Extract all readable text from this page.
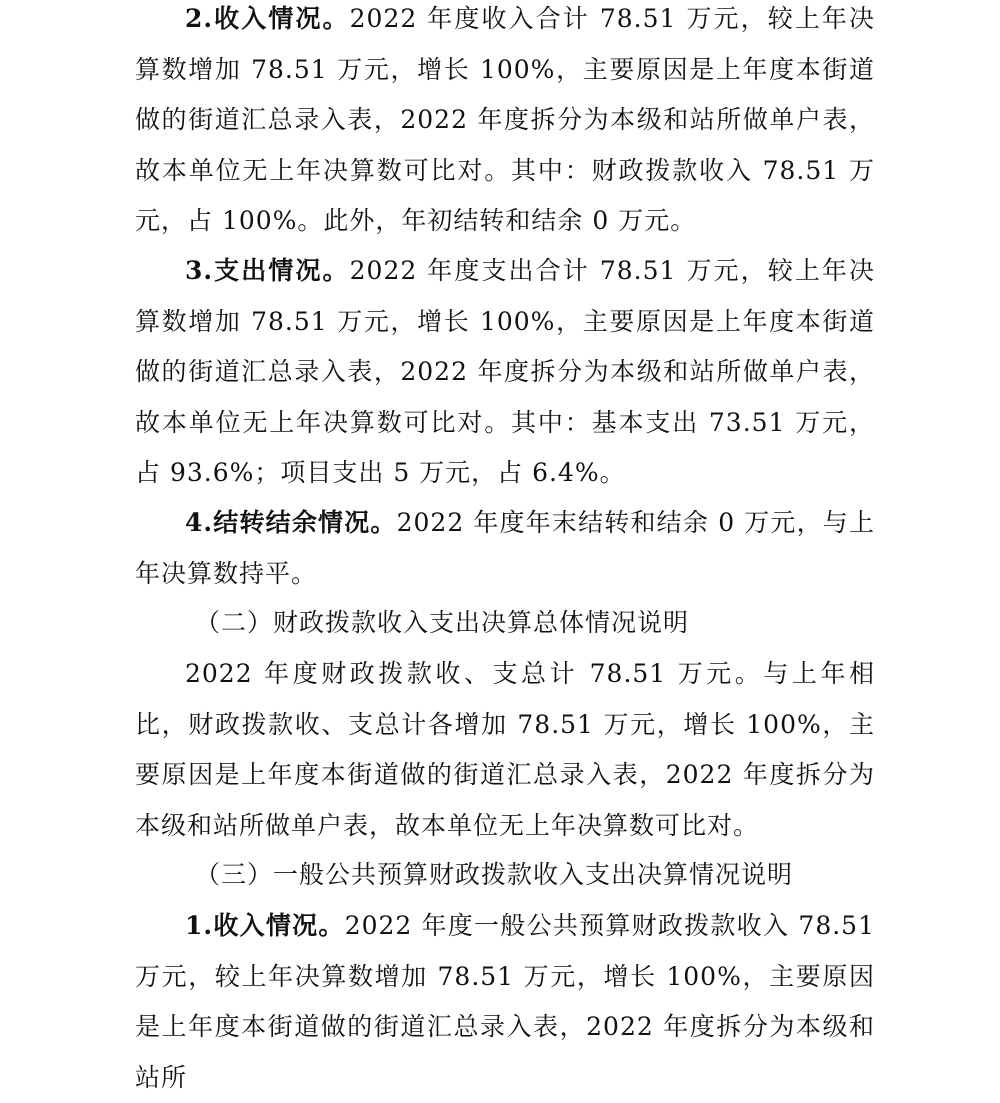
2.收入情况。2022 年度收入合计 78.51 万元，较上年决算数增加 78.51 万元，增长 100%，主要原因是上年度本街道做的街道汇总录入表，2022 年度拆分为本级和站所做单户表，故本单位无上年决算数可比对。其中：财政拨款收入 78.51 万元，占 100%。此外，年初结转和结余 0 万元。

3.支出情况。2022 年度支出合计 78.51 万元，较上年决算数增加 78.51 万元，增长 100%，主要原因是上年度本街道做的街道汇总录入表，2022 年度拆分为本级和站所做单户表，故本单位无上年决算数可比对。其中：基本支出 73.51 万元，占 93.6%；项目支出 5 万元，占 6.4%。

4.结转结余情况。2022 年度年末结转和结余 0 万元，与上年决算数持平。

（二）财政拨款收入支出决算总体情况说明

2022 年度财政拨款收、支总计 78.51 万元。与上年相比，财政拨款收、支总计各增加 78.51 万元，增长 100%，主要原因是上年度本街道做的街道汇总录入表，2022 年度拆分为本级和站所做单户表，故本单位无上年决算数可比对。

（三）一般公共预算财政拨款收入支出决算情况说明

1.收入情况。2022 年度一般公共预算财政拨款收入 78.51 万元，较上年决算数增加 78.51 万元，增长 100%，主要原因是上年度本街道做的街道汇总录入表，2022 年度拆分为本级和站所
